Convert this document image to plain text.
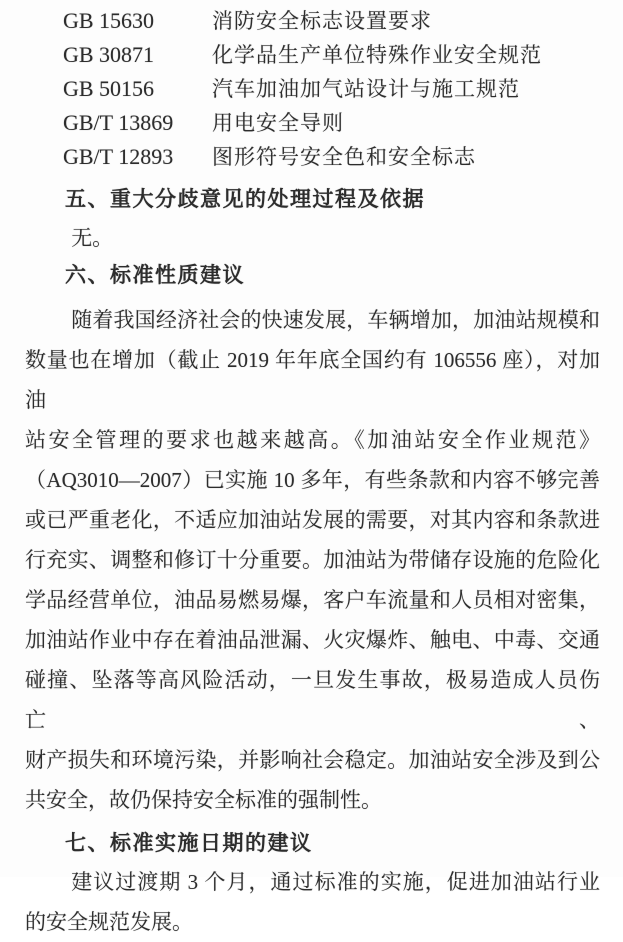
GB 15630	消防安全标志设置要求
GB 30871	化学品生产单位特殊作业安全规范
GB 50156	汽车加油加气站设计与施工规范
GB/T 13869	用电安全导则
GB/T 12893	图形符号安全色和安全标志
五、重大分歧意见的处理过程及依据
无。
六、标准性质建议
随着我国经济社会的快速发展，车辆增加，加油站规模和
数量也在增加（截止 2019 年年底全国约有 106556 座），对加油
站安全管理的要求也越来越高。《加油站安全作业规范》
（AQ3010—2007）已实施 10 多年，有些条款和内容不够完善
或已严重老化，不适应加油站发展的需要，对其内容和条款进
行充实、调整和修订十分重要。加油站为带储存设施的危险化
学品经营单位，油品易燃易爆，客户车流量和人员相对密集，
加油站作业中存在着油品泄漏、火灾爆炸、触电、中毒、交通
碰撞、坠落等高风险活动，一旦发生事故，极易造成人员伤亡、
财产损失和环境污染，并影响社会稳定。加油站安全涉及到公
共安全，故仍保持安全标准的强制性。
七、标准实施日期的建议
建议过渡期 3 个月，通过标准的实施，促进加油站行业
的安全规范发展。
